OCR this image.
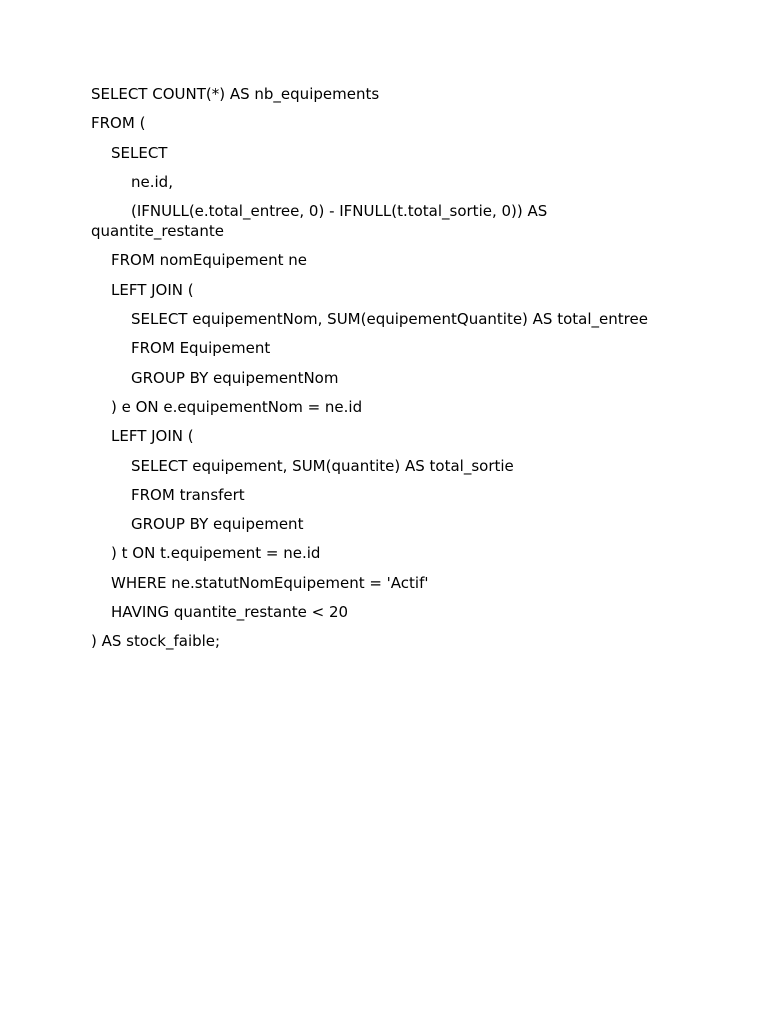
SELECT COUNT(*) AS nb_equipements
FROM (
SELECT
ne.id,
(IFNULL(e.total_entree, 0) - IFNULL(t.total_sortie, 0)) AS quantite_restante
FROM nomEquipement ne
LEFT JOIN (
SELECT equipementNom, SUM(equipementQuantite) AS total_entree
FROM Equipement
GROUP BY equipementNom
) e ON e.equipementNom = ne.id
LEFT JOIN (
SELECT equipement, SUM(quantite) AS total_sortie
FROM transfert
GROUP BY equipement
) t ON t.equipement = ne.id
WHERE ne.statutNomEquipement = 'Actif'
HAVING quantite_restante < 20
) AS stock_faible;
